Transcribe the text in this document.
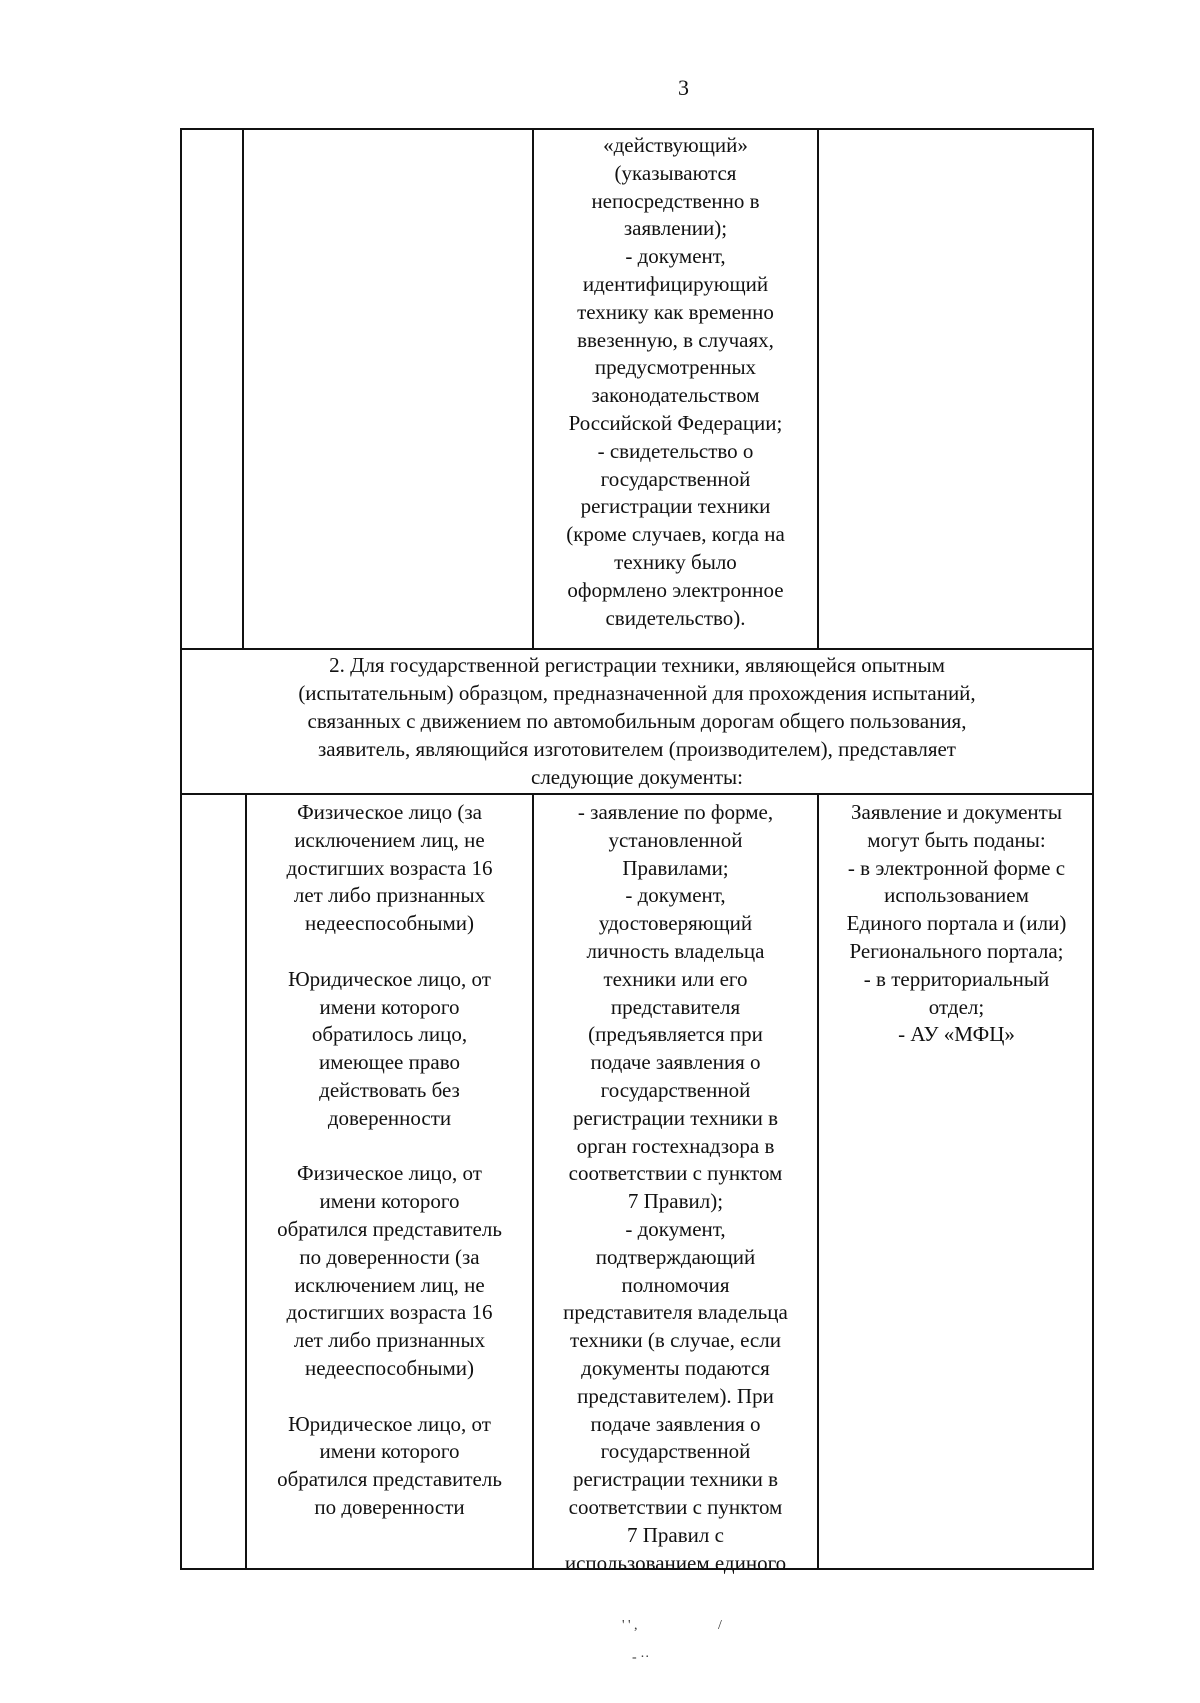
3
«действующий»
(указываются
непосредственно в
заявлении);
- документ,
идентифицирующий
технику как временно
ввезенную, в случаях,
предусмотренных
законодательством
Российской Федерации;
- свидетельство о
государственной
регистрации техники
(кроме случаев, когда на
технику было
оформлено электронное
свидетельство).
2. Для государственной регистрации техники, являющейся опытным
(испытательным) образцом, предназначенной для прохождения испытаний,
связанных с движением по автомобильным дорогам общего пользования,
заявитель, являющийся изготовителем (производителем), представляет
следующие документы:
Физическое лицо (за
исключением лиц, не
достигших возраста 16
лет либо признанных
недееспособными)

Юридическое лицо, от
имени которого
обратилось лицо,
имеющее право
действовать без
доверенности

Физическое лицо, от
имени которого
обратился представитель
по доверенности (за
исключением лиц, не
достигших возраста 16
лет либо признанных
недееспособными)

Юридическое лицо, от
имени которого
обратился представитель
по доверенности
- заявление по форме,
установленной
Правилами;
- документ,
удостоверяющий
личность владельца
техники или его
представителя
(предъявляется при
подаче заявления о
государственной
регистрации техники в
орган гостехнадзора в
соответствии с пунктом
7 Правил);
- документ,
подтверждающий
полномочия
представителя владельца
техники (в случае, если
документы подаются
представителем). При
подаче заявления о
государственной
регистрации техники в
соответствии с пунктом
7 Правил с
использованием единого
Заявление и документы
могут быть поданы:
- в электронной форме с
использованием
Единого портала и (или)
Регионального портала;
- в территориальный
отдел;
- АУ «МФЦ»
' ' ,	/
- ··
